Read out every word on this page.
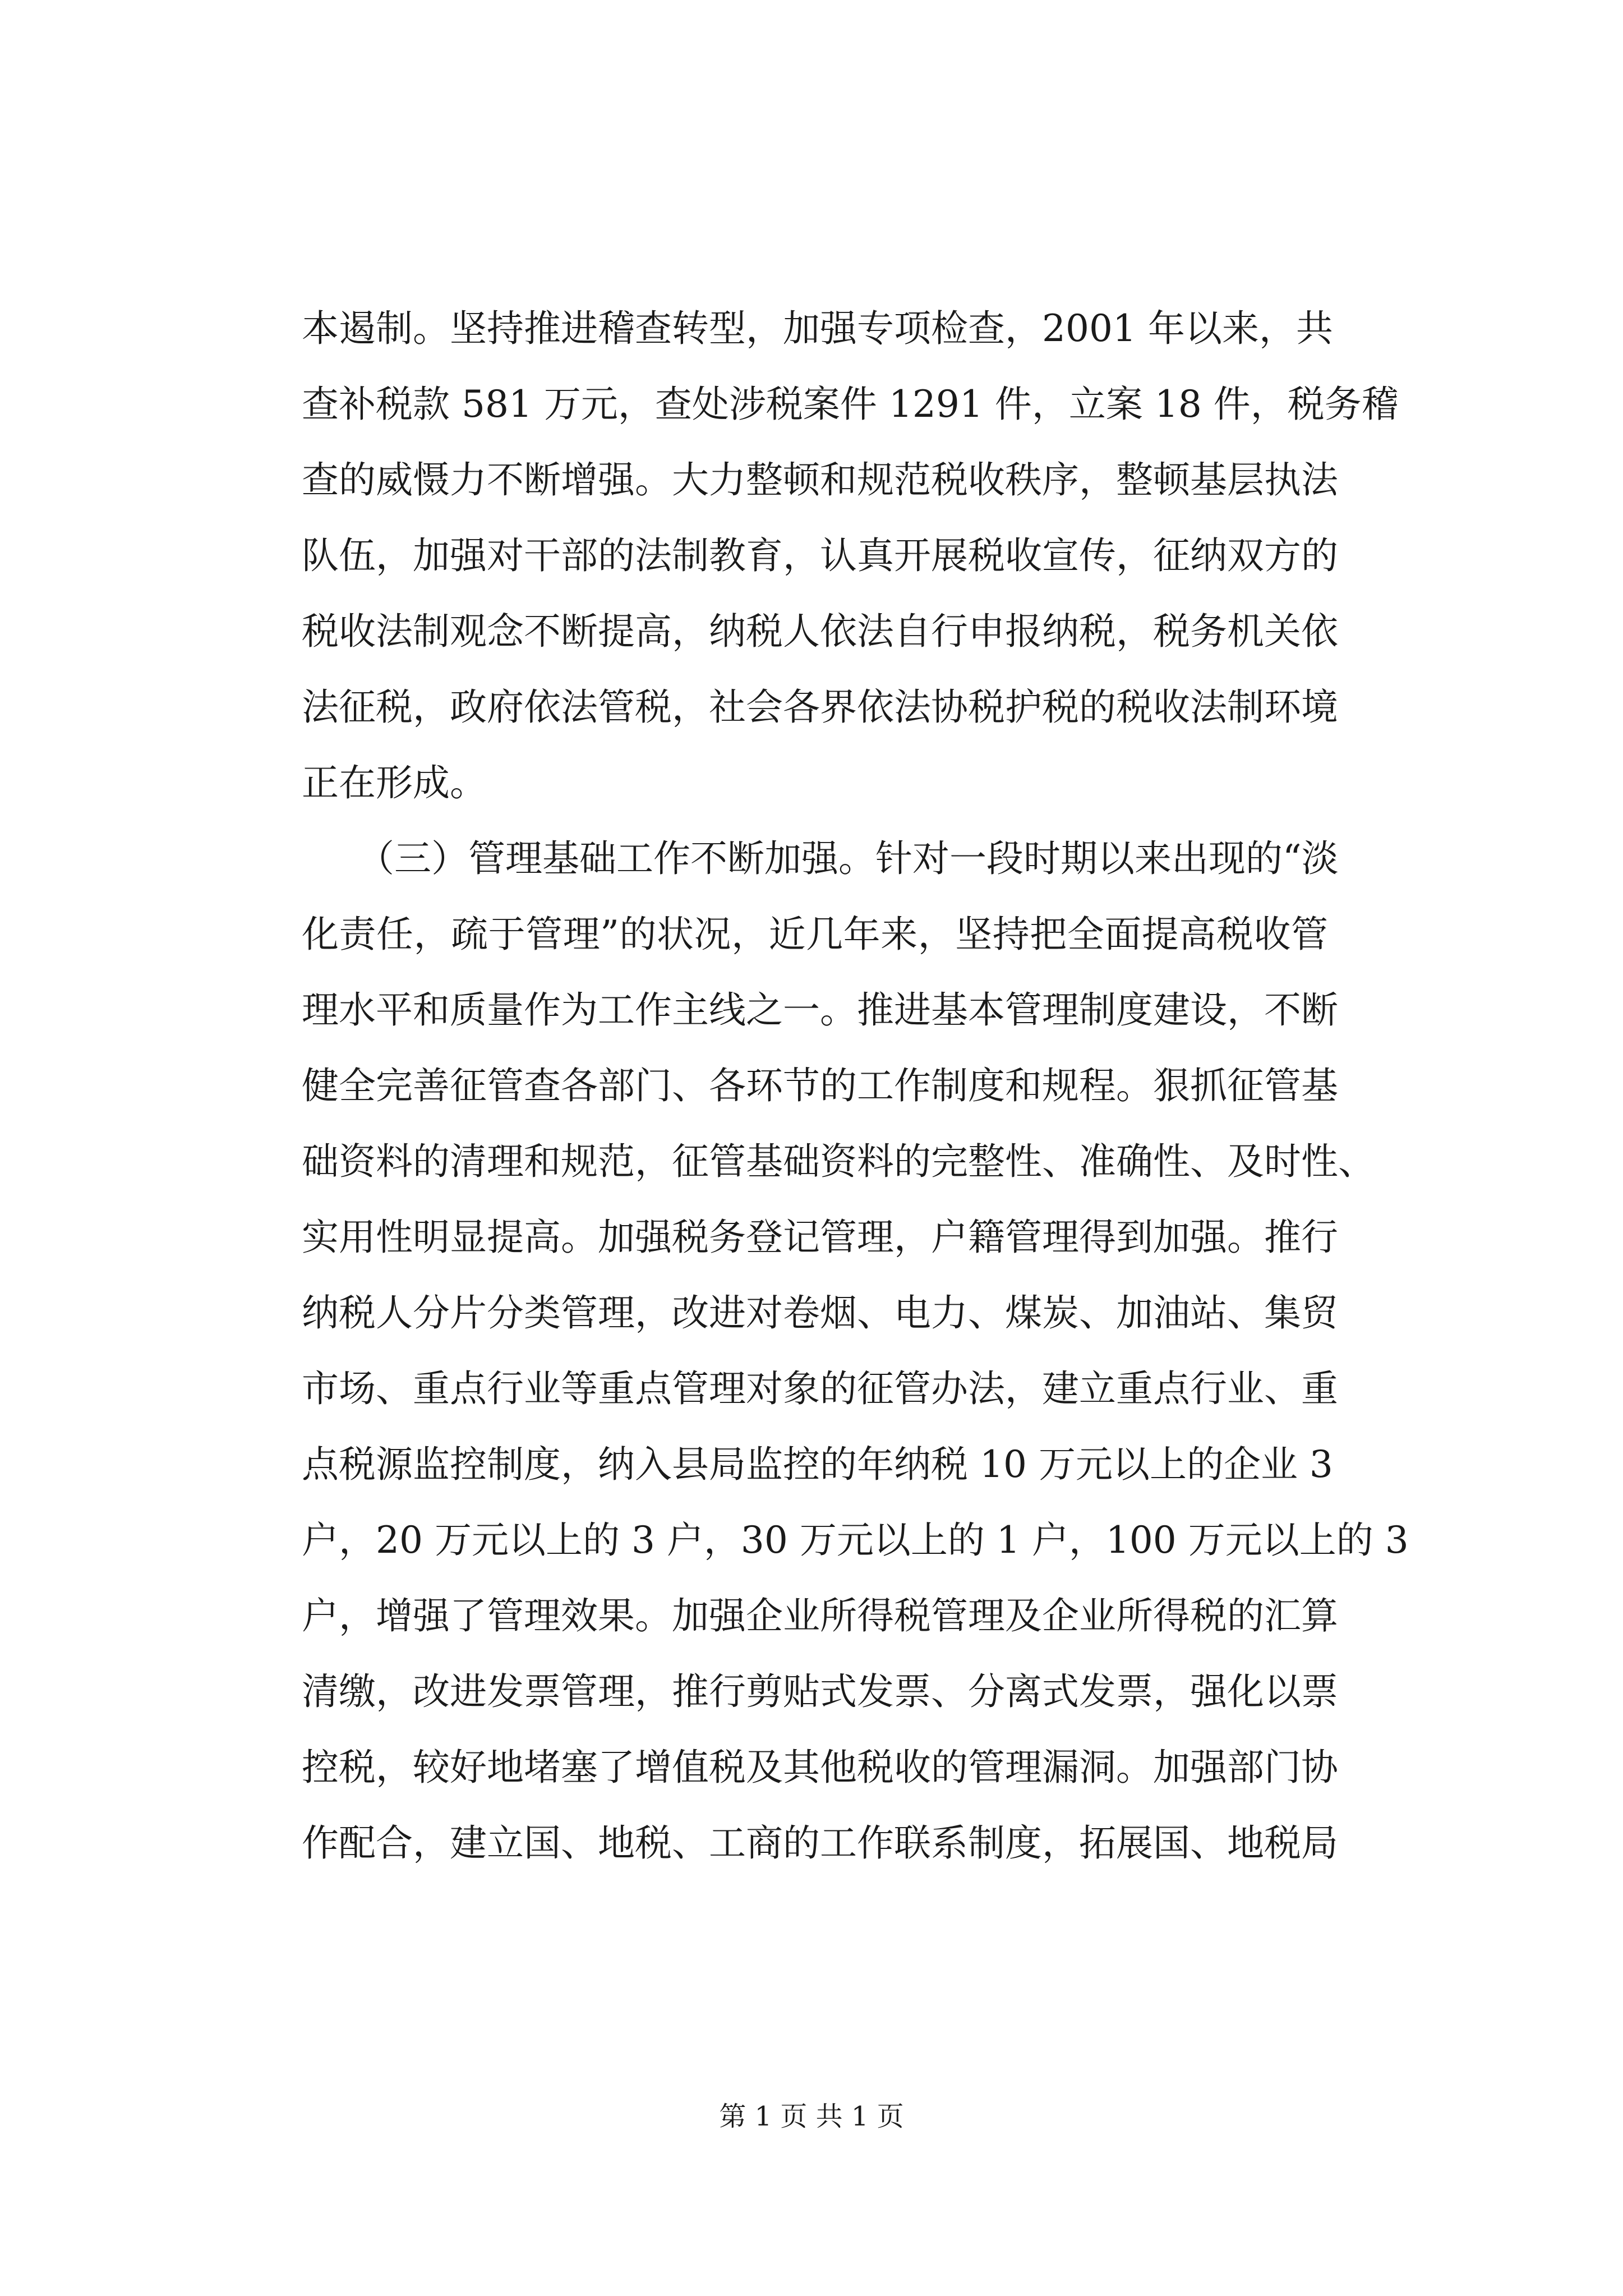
本遏制。坚持推进稽查转型，加强专项检查，2001 年以来，共
查补税款 581 万元，查处涉税案件 1291 件，立案 18 件，税务稽
查的威慑力不断增强。大力整顿和规范税收秩序，整顿基层执法
队伍，加强对干部的法制教育，认真开展税收宣传，征纳双方的
税收法制观念不断提高，纳税人依法自行申报纳税，税务机关依
法征税，政府依法管税，社会各界依法协税护税的税收法制环境
正在形成。
　　（三）管理基础工作不断加强。针对一段时期以来出现的“淡
化责任，疏于管理”的状况，近几年来，坚持把全面提高税收管
理水平和质量作为工作主线之一。推进基本管理制度建设，不断
健全完善征管查各部门、各环节的工作制度和规程。狠抓征管基
础资料的清理和规范，征管基础资料的完整性、准确性、及时性、
实用性明显提高。加强税务登记管理，户籍管理得到加强。推行
纳税人分片分类管理，改进对卷烟、电力、煤炭、加油站、集贸
市场、重点行业等重点管理对象的征管办法，建立重点行业、重
点税源监控制度，纳入县局监控的年纳税 10 万元以上的企业 3
户，20 万元以上的 3 户，30 万元以上的 1 户，100 万元以上的 3
户，增强了管理效果。加强企业所得税管理及企业所得税的汇算
清缴，改进发票管理，推行剪贴式发票、分离式发票，强化以票
控税，较好地堵塞了增值税及其他税收的管理漏洞。加强部门协
作配合，建立国、地税、工商的工作联系制度，拓展国、地税局
第 1 页 共 1 页
